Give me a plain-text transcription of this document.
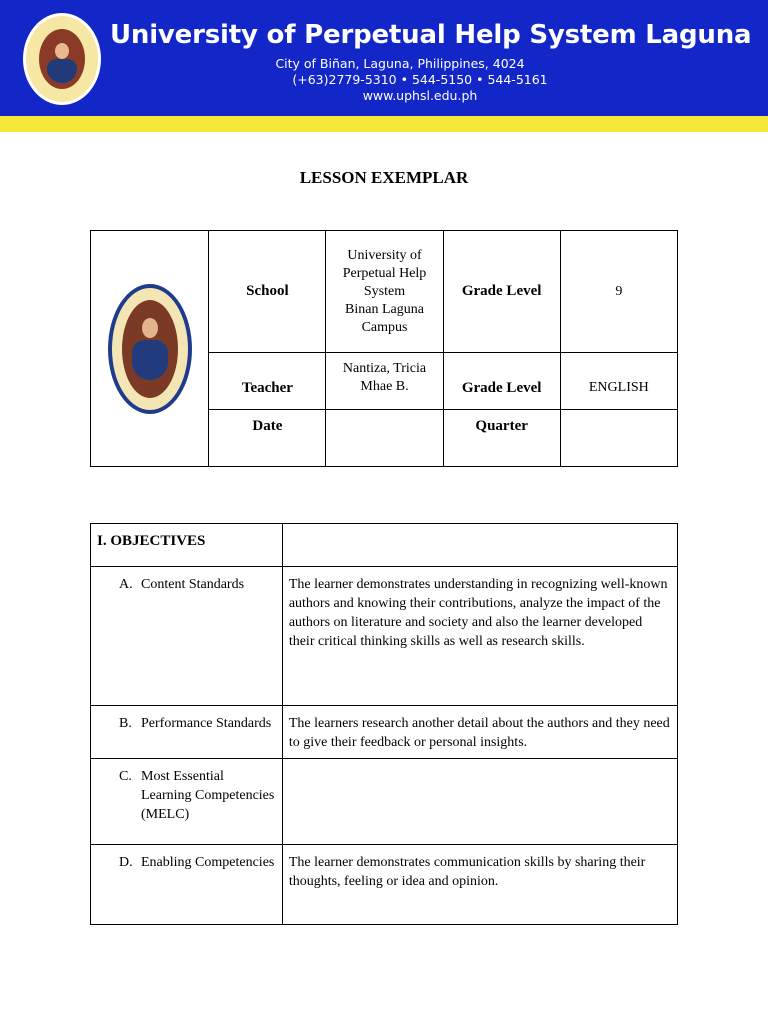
University of Perpetual Help System Laguna
City of Biñan, Laguna, Philippines, 4024
(+63)2779-5310 • 544-5150 • 544-5161
www.uphsl.edu.ph
LESSON EXEMPLAR
	School	University of
Perpetual Help
System
Binan Laguna
Campus	Grade Level	9
	Teacher	Nantiza, Tricia
Mhae B.	Grade Level	ENGLISH
	Date		Quarter	
I. OBJECTIVES	

A. Content Standards	The learner demonstrates understanding in recognizing well-known authors and knowing their contributions, analyze the impact of the authors on literature and society and also the learner developed their critical thinking skills as well as research skills.

B. Performance Standards	The learners research another detail about the authors and they need to give their feedback or personal insights.

C. Most Essential Learning Competencies (MELC)	

D. Enabling Competencies	The learner demonstrates communication skills by sharing their thoughts, feeling or idea and opinion.
